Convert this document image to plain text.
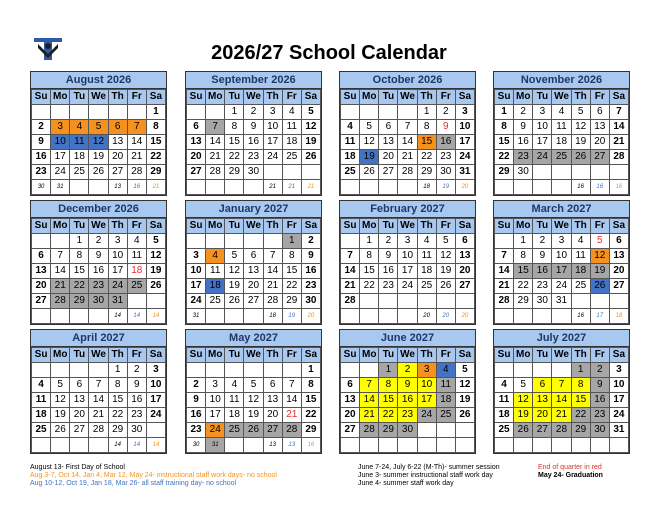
2026/27 School Calendar
August 2026
Su	Mo	Tu	We	Th	Fr	Sa
						1
2	3	4	5	6	7	8
9	10	11	12	13	14	15
16	17	18	19	20	21	22
23	24	25	26	27	28	29
30	31			13	16	21
September 2026
Su	Mo	Tu	We	Th	Fr	Sa
		1	2	3	4	5
6	7	8	9	10	11	12
13	14	15	16	17	18	19
20	21	22	23	24	25	26
27	28	29	30			
				21	21	21
October 2026
Su	Mo	Tu	We	Th	Fr	Sa
				1	2	3
4	5	6	7	8	9	10
11	12	13	14	15	16	17
18	19	20	21	22	23	24
25	26	27	28	29	30	31
				18	19	20
November 2026
Su	Mo	Tu	We	Th	Fr	Sa
1	2	3	4	5	6	7
8	9	10	11	12	13	14
15	16	17	18	19	20	21
22	23	24	25	26	27	28
29	30					
				16	16	16
December 2026
Su	Mo	Tu	We	Th	Fr	Sa
		1	2	3	4	5
6	7	8	9	10	11	12
13	14	15	16	17	18	19
20	21	22	23	24	25	26
27	28	29	30	31		
				14	14	14
January 2027
Su	Mo	Tu	We	Th	Fr	Sa
					1	2
3	4	5	6	7	8	9
10	11	12	13	14	15	16
17	18	19	20	21	22	23
24	25	26	27	28	29	30
31				18	19	20
February 2027
Su	Mo	Tu	We	Th	Fr	Sa
	1	2	3	4	5	6
7	8	9	10	11	12	13
14	15	16	17	18	19	20
21	22	23	24	25	26	27
28						
				20	20	20
March 2027
Su	Mo	Tu	We	Th	Fr	Sa
	1	2	3	4	5	6
7	8	9	10	11	12	13
14	15	16	17	18	19	20
21	22	23	24	25	26	27
28	29	30	31			
				16	17	18
April 2027
Su	Mo	Tu	We	Th	Fr	Sa
				1	2	3
4	5	6	7	8	9	10
11	12	13	14	15	16	17
18	19	20	21	22	23	24
25	26	27	28	29	30	
				14	14	14
May 2027
Su	Mo	Tu	We	Th	Fr	Sa
						1
2	3	4	5	6	7	8
9	10	11	12	13	14	15
16	17	18	19	20	21	22
23	24	25	26	27	28	29
30	31			13	13	16
June 2027
Su	Mo	Tu	We	Th	Fr	Sa
		1	2	3	4	5
6	7	8	9	10	11	12
13	14	15	16	17	18	19
20	21	22	23	24	25	26
27	28	29	30			

July 2027
Su	Mo	Tu	We	Th	Fr	Sa
				1	2	3
4	5	6	7	8	9	10
11	12	13	14	15	16	17
18	19	20	21	22	23	24
25	26	27	28	29	30	31

August 13- First Day of School
Aug 3-7, Oct 14, Jan 4, Mar 12, May 24- instructional staff work days- no school
Aug 10-12, Oct 19, Jan 18, Mar 26- all staff training day- no school
June 7-24, July 6-22 (M-Th)- summer session
June 3- summer instructional staff work day
June 4- summer staff work day
End of quarter in red
May 24- Graduation
